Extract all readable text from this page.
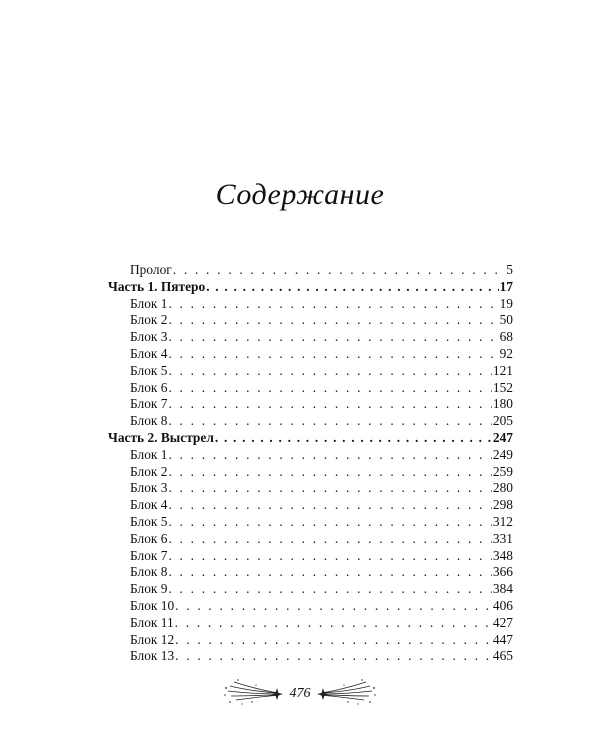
Содержание
Пролог . . .	5
Часть 1. Пятеро . . .	17
Блок 1 . . .	19
Блок 2 . . .	50
Блок 3 . . .	68
Блок 4 . . .	92
Блок 5 . . .	121
Блок 6 . . .	152
Блок 7 . . .	180
Блок 8 . . .	205
Часть 2. Выстрел . . .	247
Блок 1 . . .	249
Блок 2 . . .	259
Блок 3 . . .	280
Блок 4 . . .	298
Блок 5 . . .	312
Блок 6 . . .	331
Блок 7 . . .	348
Блок 8 . . .	366
Блок 9 . . .	384
Блок 10 . . .	406
Блок 11 . . .	427
Блок 12 . . .	447
Блок 13 . . .	465
476
